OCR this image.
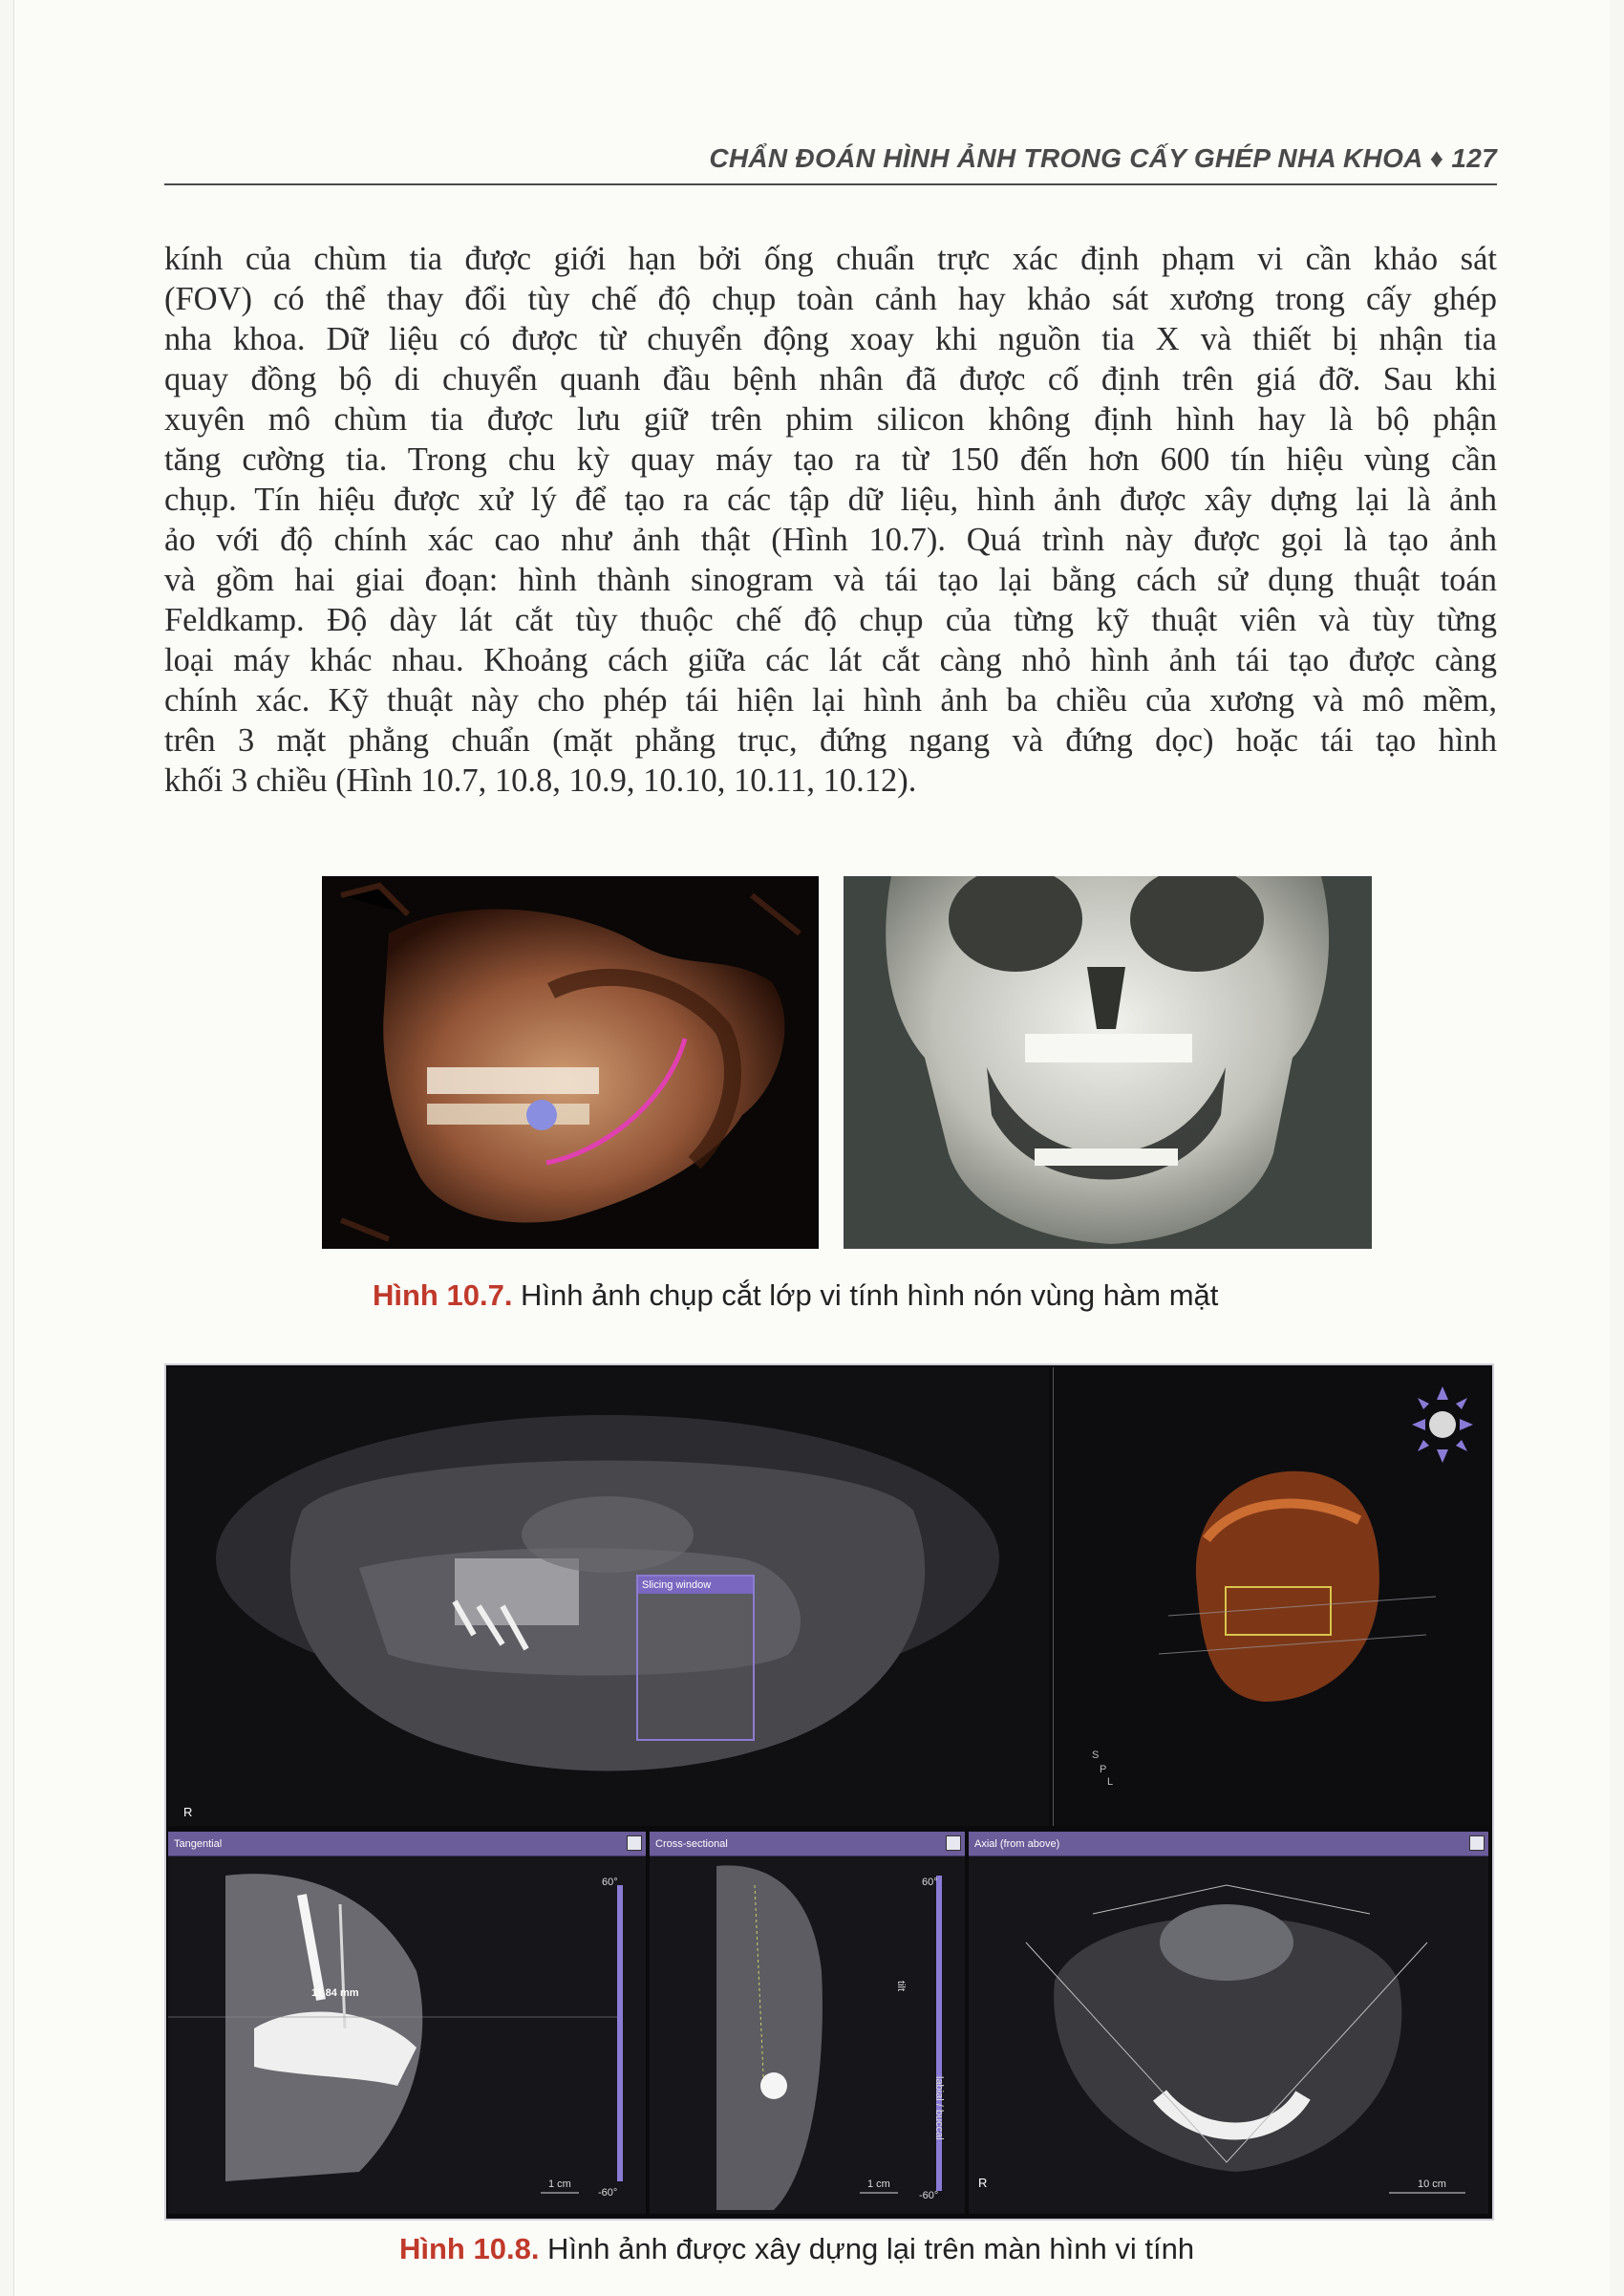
CHẨN ĐOÁN HÌNH ẢNH TRONG CẤY GHÉP NHA KHOA ♦ 127
kính của chùm tia được giới hạn bởi ống chuẩn trực xác định phạm vi cần khảo sát
(FOV) có thể thay đổi tùy chế độ chụp toàn cảnh hay khảo sát xương trong cấy ghép
nha khoa. Dữ liệu có được từ chuyển động xoay khi nguồn tia X và thiết bị nhận tia
quay đồng bộ di chuyển quanh đầu bệnh nhân đã được cố định trên giá đỡ. Sau khi
xuyên mô chùm tia được lưu giữ trên phim silicon không định hình hay là bộ phận
tăng cường tia. Trong chu kỳ quay máy tạo ra từ 150 đến hơn 600 tín hiệu vùng cần
chụp. Tín hiệu được xử lý để tạo ra các tập dữ liệu, hình ảnh được xây dựng lại là ảnh
ảo với độ chính xác cao như ảnh thật (Hình 10.7). Quá trình này được gọi là tạo ảnh
và gồm hai giai đoạn: hình thành sinogram và tái tạo lại bằng cách sử dụng thuật toán
Feldkamp. Độ dày lát cắt tùy thuộc chế độ chụp của từng kỹ thuật viên và tùy từng
loại máy khác nhau. Khoảng cách giữa các lát cắt càng nhỏ hình ảnh tái tạo được càng
chính xác. Kỹ thuật này cho phép tái hiện lại hình ảnh ba chiều của xương và mô mềm,
trên 3 mặt phẳng chuẩn (mặt phẳng trục, đứng ngang và đứng dọc) hoặc tái tạo hình
khối 3 chiều (Hình 10.7, 10.8, 10.9, 10.10, 10.11, 10.12).
Hình 10.7. Hình ảnh chụp cắt lớp vi tính hình nón vùng hàm mặt
Slicing window
R
S
P
L
Tangential
11.84 mm
60°
-60°
1 cm
Cross-sectional
60°
-60°
labial / buccal
tilt
1 cm
Axial (from above)
R	10 cm
Hình 10.8. Hình ảnh được xây dựng lại trên màn hình vi tính
